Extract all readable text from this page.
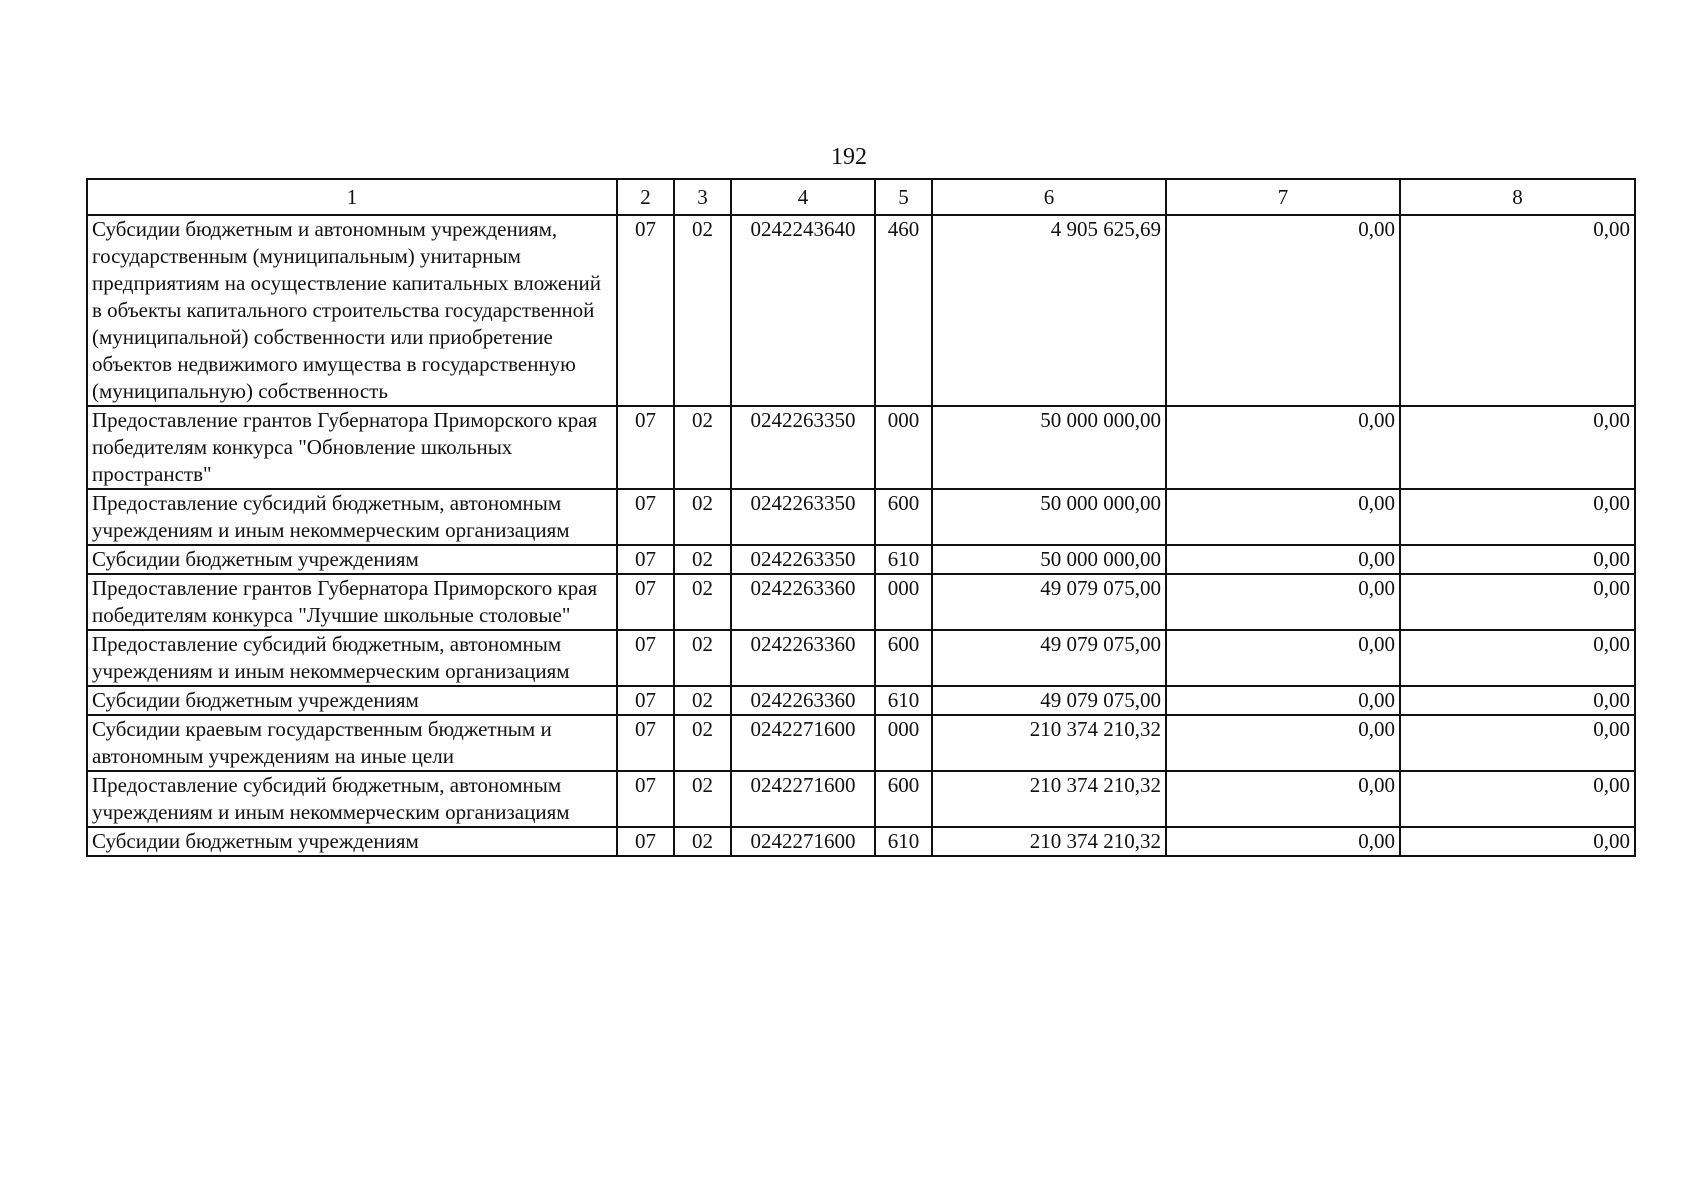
192
1	2	3	4	5	6	7	8
Субсидии бюджетным и автономным учреждениям, государственным (муниципальным) унитарным предприятиям на осуществление капитальных вложений в объекты капитального строительства государственной (муниципальной) собственности или приобретение объектов недвижимого имущества в государственную (муниципальную) собственность	07	02	0242243640	460	4 905 625,69	0,00	0,00
Предоставление грантов Губернатора Приморского края победителям конкурса "Обновление школьных пространств"	07	02	0242263350	000	50 000 000,00	0,00	0,00
Предоставление субсидий бюджетным, автономным учреждениям и иным некоммерческим организациям	07	02	0242263350	600	50 000 000,00	0,00	0,00
Субсидии бюджетным учреждениям	07	02	0242263350	610	50 000 000,00	0,00	0,00
Предоставление грантов Губернатора Приморского края победителям конкурса "Лучшие школьные столовые"	07	02	0242263360	000	49 079 075,00	0,00	0,00
Предоставление субсидий бюджетным, автономным учреждениям и иным некоммерческим организациям	07	02	0242263360	600	49 079 075,00	0,00	0,00
Субсидии бюджетным учреждениям	07	02	0242263360	610	49 079 075,00	0,00	0,00
Субсидии краевым государственным бюджетным и автономным учреждениям на иные цели	07	02	0242271600	000	210 374 210,32	0,00	0,00
Предоставление субсидий бюджетным, автономным учреждениям и иным некоммерческим организациям	07	02	0242271600	600	210 374 210,32	0,00	0,00
Субсидии бюджетным учреждениям	07	02	0242271600	610	210 374 210,32	0,00	0,00
